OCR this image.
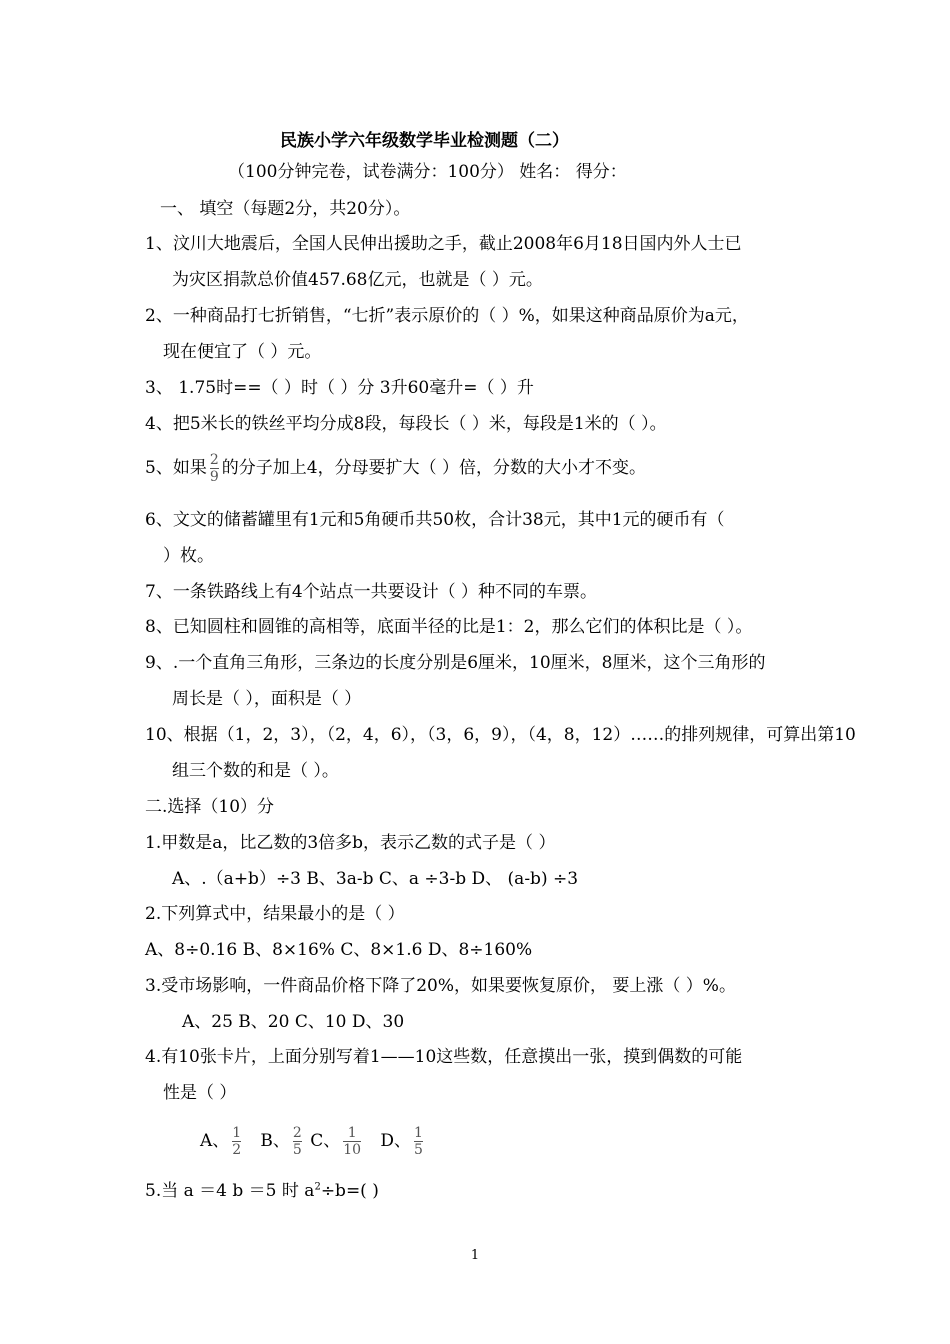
民族小学六年级数学毕业检测题（二）
（100分钟完卷，试卷满分：100分） 姓名： 得分：
一、 填空（每题2分，共20分）。
1、汶川大地震后，全国人民伸出援助之手，截止2008年6月18日国内外人士已
为灾区捐款总价值457.68亿元，也就是（ ）元。
2、一种商品打七折销售，“七折”表示原价的（ ）%，如果这种商品原价为a元，
现在便宜了（ ）元。
3、 1.75时==（ ）时（ ）分 3升60毫升=（ ）升
4、把5米长的铁丝平均分成8段，每段长（ ）米，每段是1米的（ ）。
5、如果 $\frac{2}{9}$ 的分子加上4，分母要扩大（ ）倍，分数的大小才不变。
6、文文的储蓄罐里有1元和5角硬币共50枚，合计38元，其中1元的硬币有（
）枚。
7、一条铁路线上有4个站点一共要设计（ ）种不同的车票。
8、已知圆柱和圆锥的高相等，底面半径的比是1：2，那么它们的体积比是（ ）。
9、.一个直角三角形，三条边的长度分别是6厘米，10厘米，8厘米，这个三角形的
周长是（ ），面积是（ ）
10、根据（1，2，3），（2，4，6），（3，6，9），（4，8，12）……的排列规律，可算出第10
组三个数的和是（ ）。
二.选择（10）分
1.甲数是a，比乙数的3倍多b，表示乙数的式子是（ ）
A、.（a+b）÷3 B、3a-b C、a ÷3-b D、 (a-b) ÷3
2.下列算式中，结果最小的是（ ）
A、8÷0.16 B、8×16% C、8×1.6 D、8÷160%
3.受市场影响，一件商品价格下降了20%，如果要恢复原价， 要上涨（ ）%。
A、25 B、20 C、10 D、30
4.有10张卡片，上面分别写着1——10这些数，任意摸出一张，摸到偶数的可能
性是（ ）
A、 $\frac{1}{2}$ B、 $\frac{2}{5}$ C、 $\frac{1}{10}$ D、 $\frac{1}{5}$
5.当 a ＝4 b ＝5 时 $a^2\div b=$( )
1
